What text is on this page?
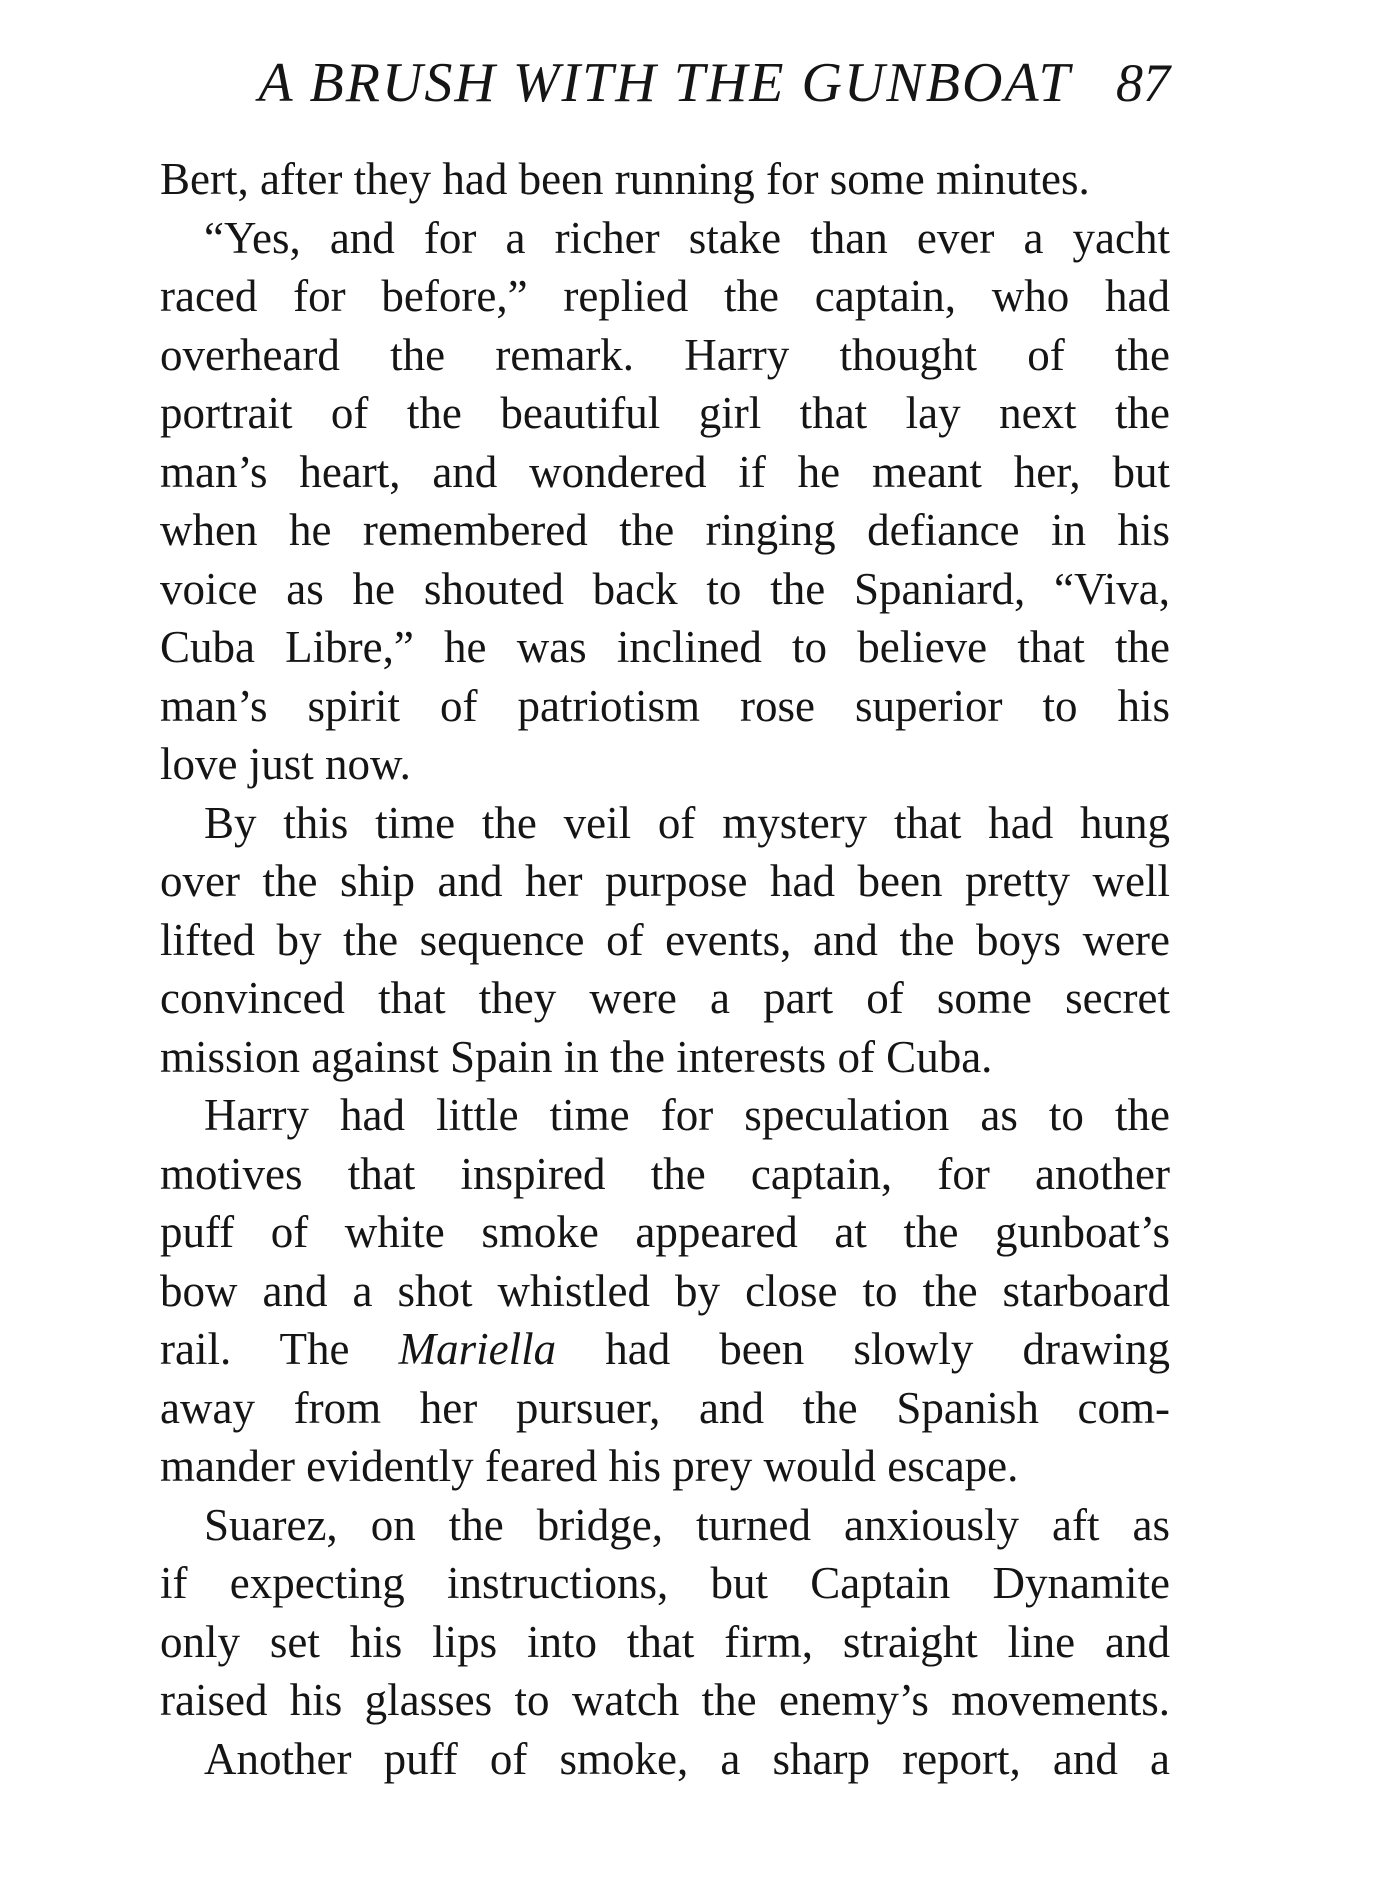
A BRUSH WITH THE GUNBOAT 87
Bert, after they had been running for some minutes.
“Yes, and for a richer stake than ever a yacht
raced for before,” replied the captain, who had
overheard the remark. Harry thought of the
portrait of the beautiful girl that lay next the
man’s heart, and wondered if he meant her, but
when he remembered the ringing defiance in his
voice as he shouted back to the Spaniard, “Viva,
Cuba Libre,” he was inclined to believe that the
man’s spirit of patriotism rose superior to his
love just now.
By this time the veil of mystery that had hung
over the ship and her purpose had been pretty well
lifted by the sequence of events, and the boys were
convinced that they were a part of some secret
mission against Spain in the interests of Cuba.
Harry had little time for speculation as to the
motives that inspired the captain, for another
puff of white smoke appeared at the gunboat’s
bow and a shot whistled by close to the starboard
rail. The Mariella had been slowly drawing
away from her pursuer, and the Spanish com-
mander evidently feared his prey would escape.
Suarez, on the bridge, turned anxiously aft as
if expecting instructions, but Captain Dynamite
only set his lips into that firm, straight line and
raised his glasses to watch the enemy’s movements.
Another puff of smoke, a sharp report, and a
